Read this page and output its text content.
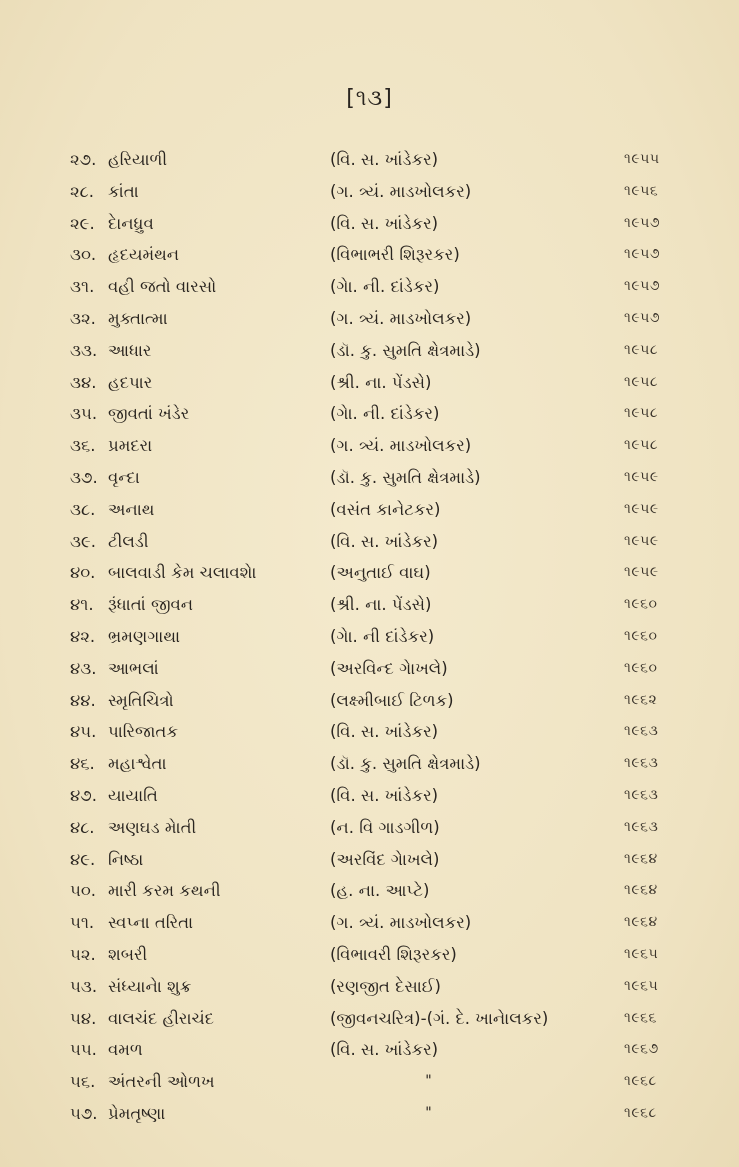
[૧૩]
૨૭. હરિયાળી	(વિ. સ. ખાંડેકર)	૧૯૫૫
૨૮. કાંતા	(ગ. ત્ર્યં. માડખોલકર)	૧૯૫૬
૨૯. દેાનધ્રુવ	(વિ. સ. ખાંડેકર)	૧૯૫૭
૩૦. હૃદયમંથન	(વિભાભરી શિરૂરકર)	૧૯૫૭
૩૧. વહી જતો વારસો	(ગેા. ની. દાંડેકર)	૧૯૫૭
૩૨. મુક્તાત્મા	(ગ. ત્ર્યં. માડખોલકર)	૧૯૫૭
૩૩. આધાર	(ડૉ. કુ. સુમતિ ક્ષેત્રમાડે)	૧૯૫૮
૩૪. હદપાર	(શ્રી. ના. પેંડસે)	૧૯૫૮
૩૫. જીવતાં ખંડેર	(ગેા. ની. દાંડેકર)	૧૯૫૮
૩૬. પ્રમદરા	(ગ. ત્ર્યં. માડખોલકર)	૧૯૫૮
૩૭. વૃન્દા	(ડૉ. કુ. સુમતિ ક્ષેત્રમાડે)	૧૯૫૯
૩૮. અનાથ	(વસંત કાનેટકર)	૧૯૫૯
૩૯. ટીલડી	(વિ. સ. ખાંડેકર)	૧૯૫૯
૪૦. બાલવાડી કેમ ચલાવશેા	(અનુતાઈ વાઘ)	૧૯૫૯
૪૧. રૂંધાતાં જીવન	(શ્રી. ના. પેંડસે)	૧૯૬૦
૪૨. ભ્રમણગાથા	(ગેા. ની દાંડેકર)	૧૯૬૦
૪૩. આભલાં	(અરવિન્દ ગેાખલે)	૧૯૬૦
૪૪. સ્મૃતિચિત્રો	(લક્ષ્મીબાઈ ટિળક)	૧૯૬૨
૪૫. પારિજાતક	(વિ. સ. ખાંડેકર)	૧૯૬૩
૪૬. મહાશ્વેતા	(ડૉ. કુ. સુમતિ ક્ષેત્રમાડે)	૧૯૬૩
૪૭. યાયાતિ	(વિ. સ. ખાંડેકર)	૧૯૬૩
૪૮. અણઘડ મેાતી	(ન. વિ ગાડગીળ)	૧૯૬૩
૪૯. નિષ્ઠા	(અરવિંદ ગેાખલે)	૧૯૬૪
૫૦. મારી કરમ કથની	(હ. ના. આપ્ટે)	૧૯૬૪
૫૧. સ્વપ્ના તરિતા	(ગ. ત્ર્યં. માડખોલકર)	૧૯૬૪
૫૨. શબરી	(વિભાવરી શિરૂરકર)	૧૯૬૫
૫૩. સંધ્યાનેા શુક્ર	(રણજીત દેસાઈ)	૧૯૬૫
૫૪. વાલચંદ હીરાચંદ	(જીવનચરિત્ર)-(ગં. દે. ખાનેાલકર)	૧૯૬૬
૫૫. વમળ	(વિ. સ. ખાંડેકર)	૧૯૬૭
૫૬. અંતરની ઓળખ	"	૧૯૬૮
૫૭. પ્રેમતૃષ્ણા	"	૧૯૬૮
